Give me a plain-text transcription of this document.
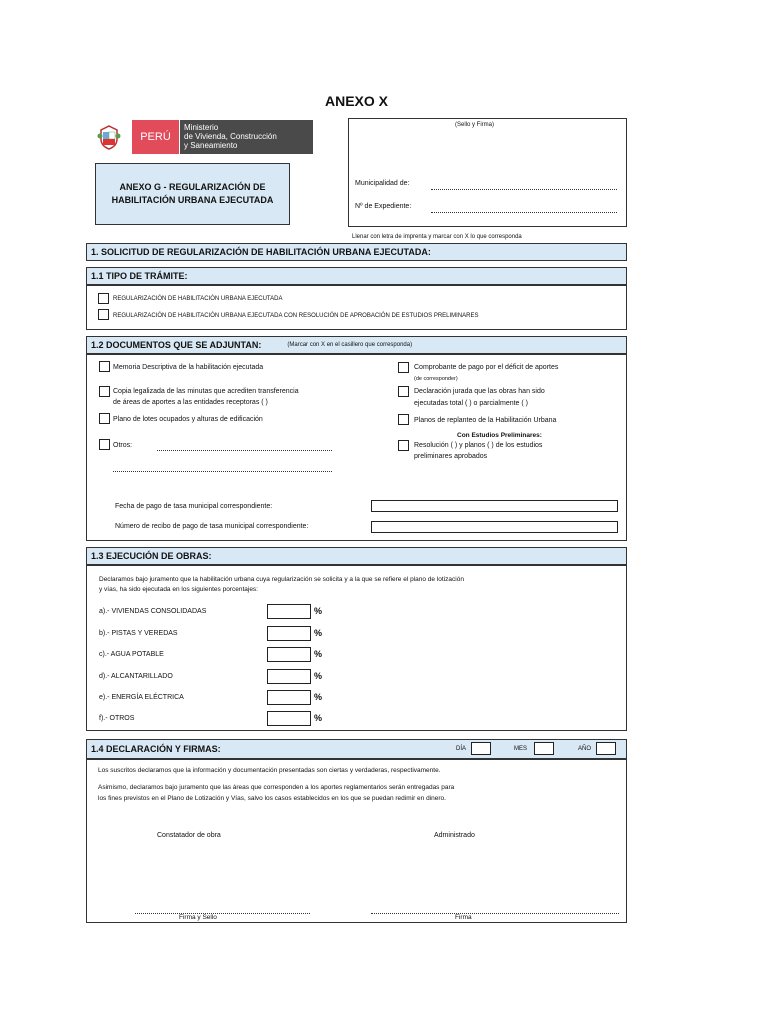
ANEXO X
PERÚ
Ministerio
de Vivienda, Construcción
y Saneamiento
ANEXO G - REGULARIZACIÓN DE
HABILITACIÓN URBANA EJECUTADA
(Sello y Firma)
Municipalidad de:
Nº de Expediente:
Llenar con letra de imprenta y marcar con X lo que corresponda
1. SOLICITUD DE REGULARIZACIÓN DE HABILITACIÓN URBANA EJECUTADA:
1.1 TIPO DE TRÁMITE:
REGULARIZACIÓN DE HABILITACIÓN URBANA EJECUTADA
REGULARIZACIÓN DE HABILITACIÓN URBANA EJECUTADA CON RESOLUCIÓN DE APROBACIÓN DE ESTUDIOS PRELIMINARES
1.2 DOCUMENTOS QUE SE ADJUNTAN:	(Marcar con X en el casillero que corresponda)
Memoria Descriptiva de la habilitación ejecutada
Copia legalizada de las minutas que acrediten transferencia
de áreas de aportes a las entidades receptoras ( )
Plano de lotes ocupados y alturas de edificación
Otros:
Comprobante de pago por el déficit de aportes
(de corresponder)
Declaración jurada que las obras han sido
ejecutadas total ( ) o parcialmente ( )
Planos de replanteo de la Habilitación Urbana
Con Estudios Preliminares:
Resolución ( ) y planos ( ) de los estudios
preliminares aprobados
Fecha de pago de tasa municipal correspondiente:
Número de recibo de pago de tasa municipal correspondiente:
1.3 EJECUCIÓN DE OBRAS:
Declaramos bajo juramento que la habilitación urbana cuya regularización se solicita y a la que se refiere el plano de lotización
y vías, ha sido ejecutada en los siguientes porcentajes:
a).- VIVIENDAS CONSOLIDADAS	%
b).- PISTAS Y VEREDAS	%
c).- AGUA POTABLE	%
d).- ALCANTARILLADO	%
e).- ENERGÍA ELÉCTRICA	%
f).- OTROS	%
1.4 DECLARACIÓN Y FIRMAS:	DÍA	MES	AÑO
Los suscritos declaramos que la información y documentación presentadas son ciertas y verdaderas, respectivamente.
Asimismo, declaramos bajo juramento que las áreas que corresponden a los aportes reglamentarios serán entregadas para
los fines previstos en el Plano de Lotización y Vías, salvo los casos establecidos en los que se puedan redimir en dinero.
Constatador de obra	Administrado
Firma y Sello	Firma
